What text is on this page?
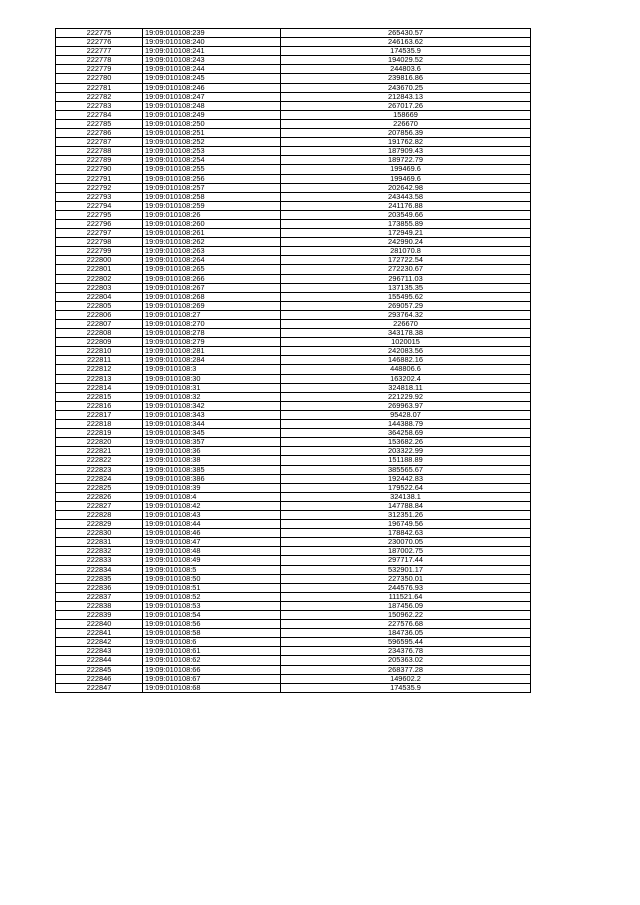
222775	19:09:010108:239	265430.57
222776	19:09:010108:240	246163.62
222777	19:09:010108:241	174535.9
222778	19:09:010108:243	194029.52
222779	19:09:010108:244	244803.6
222780	19:09:010108:245	239816.86
222781	19:09:010108:246	243670.25
222782	19:09:010108:247	212843.13
222783	19:09:010108:248	267017.26
222784	19:09:010108:249	158669
222785	19:09:010108:250	226670
222786	19:09:010108:251	207856.39
222787	19:09:010108:252	191762.82
222788	19:09:010108:253	187909.43
222789	19:09:010108:254	189722.79
222790	19:09:010108:255	199469.6
222791	19:09:010108:256	199469.6
222792	19:09:010108:257	202642.98
222793	19:09:010108:258	243443.58
222794	19:09:010108:259	241176.88
222795	19:09:010108:26	203549.66
222796	19:09:010108:260	173855.89
222797	19:09:010108:261	172949.21
222798	19:09:010108:262	242990.24
222799	19:09:010108:263	281070.8
222800	19:09:010108:264	172722.54
222801	19:09:010108:265	272230.67
222802	19:09:010108:266	296711.03
222803	19:09:010108:267	137135.35
222804	19:09:010108:268	155495.62
222805	19:09:010108:269	269057.29
222806	19:09:010108:27	293764.32
222807	19:09:010108:270	226670
222808	19:09:010108:278	343178.38
222809	19:09:010108:279	1020015
222810	19:09:010108:281	242083.56
222811	19:09:010108:284	146882.16
222812	19:09:010108:3	448806.6
222813	19:09:010108:30	163202.4
222814	19:09:010108:31	324818.11
222815	19:09:010108:32	221229.92
222816	19:09:010108:342	269963.97
222817	19:09:010108:343	95428.07
222818	19:09:010108:344	144388.79
222819	19:09:010108:345	364258.69
222820	19:09:010108:357	153682.26
222821	19:09:010108:36	203322.99
222822	19:09:010108:38	151188.89
222823	19:09:010108:385	385565.67
222824	19:09:010108:386	192442.83
222825	19:09:010108:39	179522.64
222826	19:09:010108:4	324138.1
222827	19:09:010108:42	147788.84
222828	19:09:010108:43	312351.26
222829	19:09:010108:44	196749.56
222830	19:09:010108:46	178842.63
222831	19:09:010108:47	230070.05
222832	19:09:010108:48	187002.75
222833	19:09:010108:49	297717.44
222834	19:09:010108:5	532901.17
222835	19:09:010108:50	227350.01
222836	19:09:010108:51	244576.93
222837	19:09:010108:52	111521.64
222838	19:09:010108:53	187456.09
222839	19:09:010108:54	150962.22
222840	19:09:010108:56	227576.68
222841	19:09:010108:58	184736.05
222842	19:09:010108:6	596595.44
222843	19:09:010108:61	234376.78
222844	19:09:010108:62	205363.02
222845	19:09:010108:66	268377.28
222846	19:09:010108:67	149602.2
222847	19:09:010108:68	174535.9
